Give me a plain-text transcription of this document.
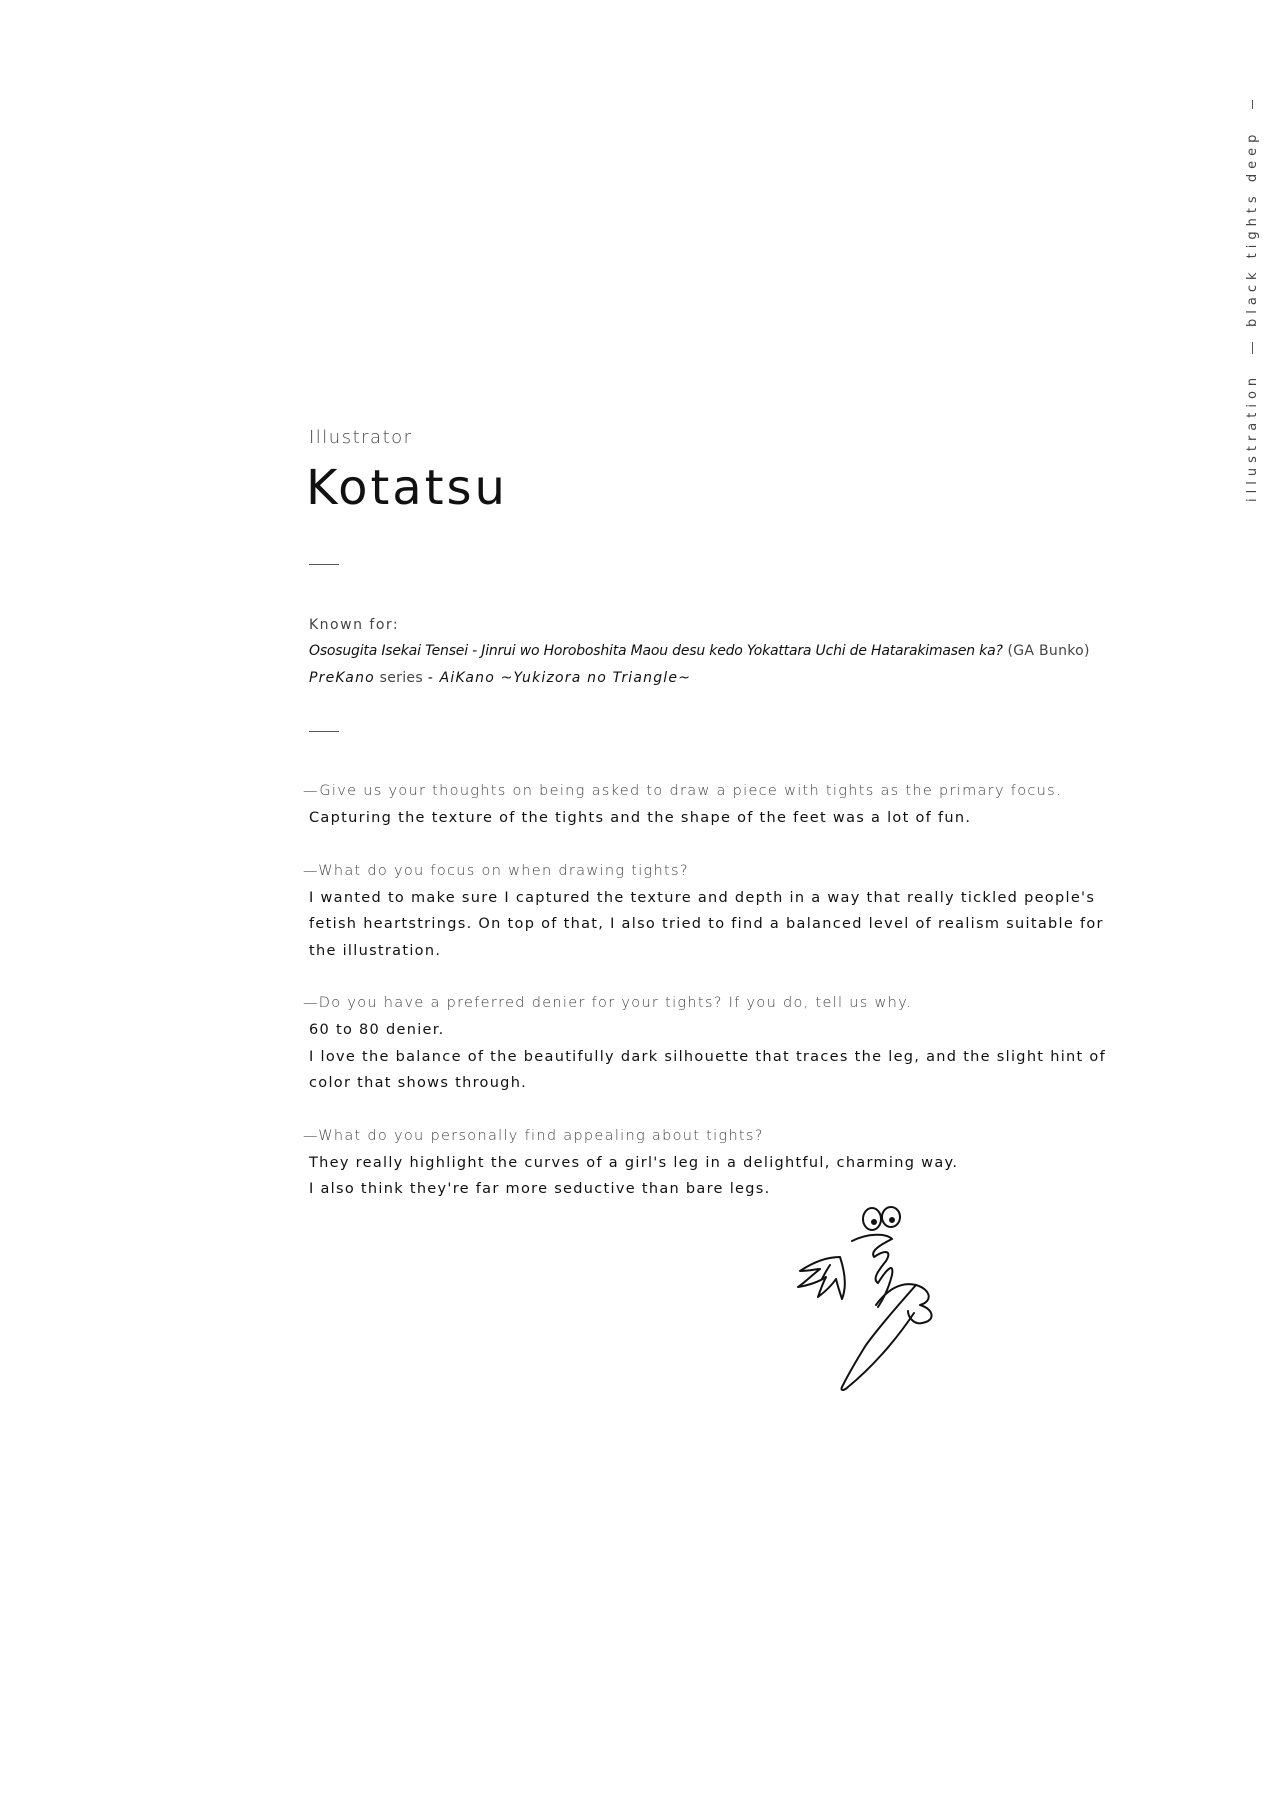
black tights deep
illustration
Illustrator
Kotatsu
Known for:
Ososugita Isekai Tensei - Jinrui wo Horoboshita Maou desu kedo Yokattara Uchi de Hatarakimasen ka? (GA Bunko)
PreKano series - AiKano ~Yukizora no Triangle~
—Give us your thoughts on being asked to draw a piece with tights as the primary focus.
Capturing the texture of the tights and the shape of the feet was a lot of fun.
—What do you focus on when drawing tights?
I wanted to make sure I captured the texture and depth in a way that really tickled people's fetish heartstrings. On top of that, I also tried to find a balanced level of realism suitable for the illustration.
—Do you have a preferred denier for your tights? If you do, tell us why.
60 to 80 denier.
I love the balance of the beautifully dark silhouette that traces the leg, and the slight hint of color that shows through.
—What do you personally find appealing about tights?
They really highlight the curves of a girl's leg in a delightful, charming way.
I also think they're far more seductive than bare legs.
